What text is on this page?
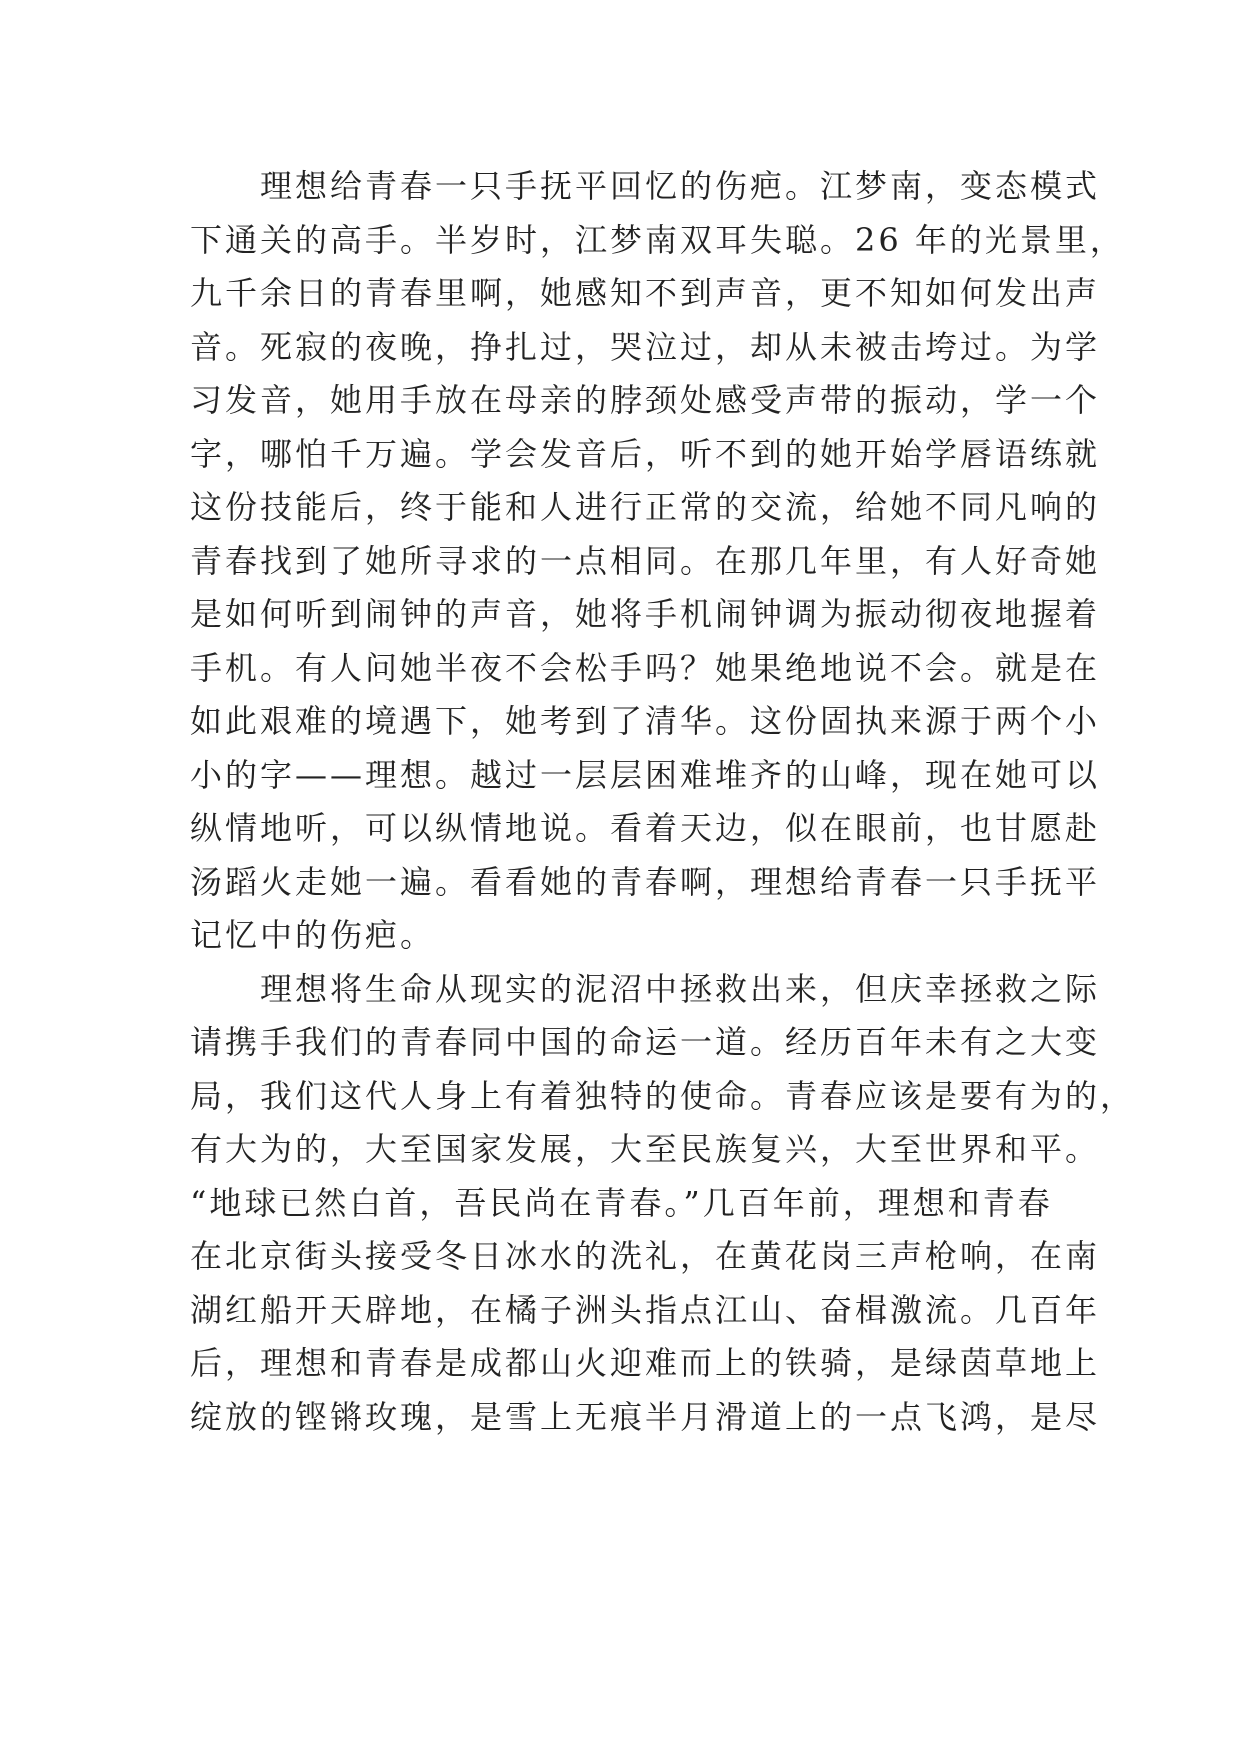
　　理想给青春一只手抚平回忆的伤疤。江梦南，变态模式
下通关的高手。半岁时，江梦南双耳失聪。26 年的光景里，
九千余日的青春里啊，她感知不到声音，更不知如何发出声
音。死寂的夜晚，挣扎过，哭泣过，却从未被击垮过。为学
习发音，她用手放在母亲的脖颈处感受声带的振动，学一个
字，哪怕千万遍。学会发音后，听不到的她开始学唇语练就
这份技能后，终于能和人进行正常的交流，给她不同凡响的
青春找到了她所寻求的一点相同。在那几年里，有人好奇她
是如何听到闹钟的声音，她将手机闹钟调为振动彻夜地握着
手机。有人问她半夜不会松手吗？她果绝地说不会。就是在
如此艰难的境遇下，她考到了清华。这份固执来源于两个小
小的字——理想。越过一层层困难堆齐的山峰，现在她可以
纵情地听，可以纵情地说。看着天边，似在眼前，也甘愿赴
汤蹈火走她一遍。看看她的青春啊，理想给青春一只手抚平
记忆中的伤疤。
　　理想将生命从现实的泥沼中拯救出来，但庆幸拯救之际
请携手我们的青春同中国的命运一道。经历百年未有之大变
局，我们这代人身上有着独特的使命。青春应该是要有为的，
有大为的，大至国家发展，大至民族复兴，大至世界和平。
“地球已然白首，吾民尚在青春。”几百年前，理想和青春
在北京街头接受冬日冰水的洗礼，在黄花岗三声枪响，在南
湖红船开天辟地，在橘子洲头指点江山、奋楫激流。几百年
后，理想和青春是成都山火迎难而上的铁骑，是绿茵草地上
绽放的铿锵玫瑰，是雪上无痕半月滑道上的一点飞鸿，是尽
